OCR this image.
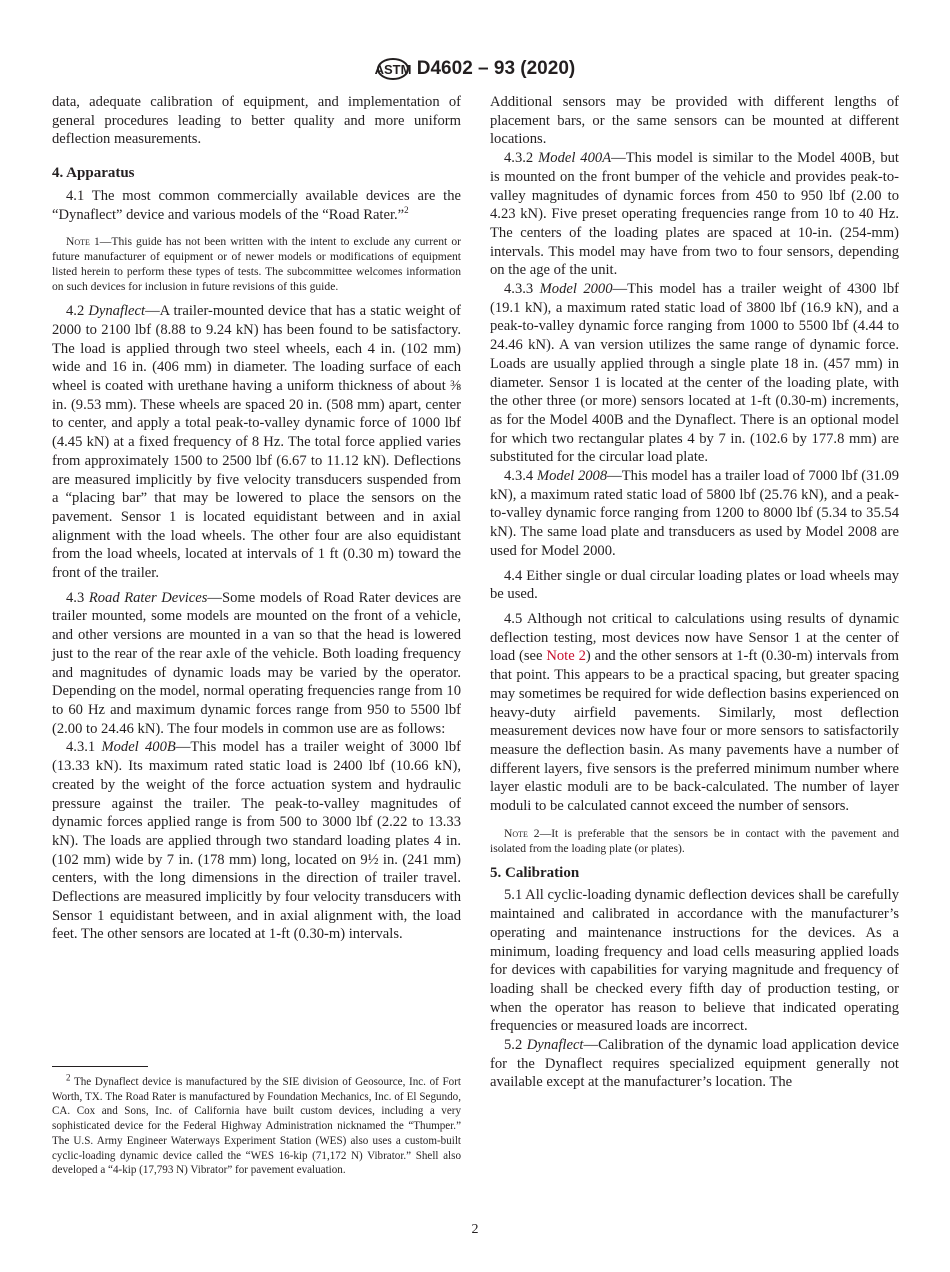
ASTM D4602 – 93 (2020)

data, adequate calibration of equipment, and implementation of general procedures leading to better quality and more uniform deflection measurements.

4. Apparatus

4.1 The most common commercially available devices are the “Dynaflect” device and various models of the “Road Rater.”$^2$

Note 1—This guide has not been written with the intent to exclude any current or future manufacturer of equipment or of newer models or modifications of equipment listed herein to perform these types of tests. The subcommittee welcomes information on such devices for inclusion in future revisions of this guide.

4.2 Dynaflect—A trailer-mounted device that has a static weight of 2000 to 2100 lbf (8.88 to 9.24 kN) has been found to be satisfactory. The load is applied through two steel wheels, each 4 in. (102 mm) wide and 16 in. (406 mm) in diameter. The loading surface of each wheel is coated with urethane having a uniform thickness of about ⅜ in. (9.53 mm). These wheels are spaced 20 in. (508 mm) apart, center to center, and apply a total peak-to-valley dynamic force of 1000 lbf (4.45 kN) at a fixed frequency of 8 Hz. The total force applied varies from approximately 1500 to 2500 lbf (6.67 to 11.12 kN). Deflections are measured implicitly by five velocity transducers suspended from a “placing bar” that may be lowered to place the sensors on the pavement. Sensor 1 is located equidistant between and in axial alignment with the load wheels. The other four are also equidistant from the load wheels, located at intervals of 1 ft (0.30 m) toward the front of the trailer.

4.3 Road Rater Devices—Some models of Road Rater devices are trailer mounted, some models are mounted on the front of a vehicle, and other versions are mounted in a van so that the head is lowered just to the rear of the rear axle of the vehicle. Both loading frequency and magnitudes of dynamic loads may be varied by the operator. Depending on the model, normal operating frequencies range from 10 to 60 Hz and maximum dynamic forces range from 950 to 5500 lbf (2.00 to 24.46 kN). The four models in common use are as follows:

4.3.1 Model 400B—This model has a trailer weight of 3000 lbf (13.33 kN). Its maximum rated static load is 2400 lbf (10.66 kN), created by the weight of the force actuation system and hydraulic pressure against the trailer. The peak-to-valley magnitudes of dynamic forces applied range is from 500 to 3000 lbf (2.22 to 13.33 kN). The loads are applied through two standard loading plates 4 in. (102 mm) wide by 7 in. (178 mm) long, located on 9½ in. (241 mm) centers, with the long dimensions in the direction of trailer travel. Deflections are measured implicitly by four velocity transducers with Sensor 1 equidistant between, and in axial alignment with, the load feet. The other sensors are located at 1-ft (0.30-m) intervals.

$^2$ The Dynaflect device is manufactured by the SIE division of Geosource, Inc. of Fort Worth, TX. The Road Rater is manufactured by Foundation Mechanics, Inc. of El Segundo, CA. Cox and Sons, Inc. of California have built custom devices, including a very sophisticated device for the Federal Highway Administration nicknamed the “Thumper.” The U.S. Army Engineer Waterways Experiment Station (WES) also uses a custom-built cyclic-loading dynamic device called the “WES 16-kip (71,172 N) Vibrator.” Shell also developed a “4-kip (17,793 N) Vibrator” for pavement evaluation.

Additional sensors may be provided with different lengths of placement bars, or the same sensors can be mounted at different locations.

4.3.2 Model 400A—This model is similar to the Model 400B, but is mounted on the front bumper of the vehicle and provides peak-to-valley magnitudes of dynamic forces from 450 to 950 lbf (2.00 to 4.23 kN). Five preset operating frequencies range from 10 to 40 Hz. The centers of the loading plates are spaced at 10-in. (254-mm) intervals. This model may have from two to four sensors, depending on the age of the unit.

4.3.3 Model 2000—This model has a trailer weight of 4300 lbf (19.1 kN), a maximum rated static load of 3800 lbf (16.9 kN), and a peak-to-valley dynamic force ranging from 1000 to 5500 lbf (4.44 to 24.46 kN). A van version utilizes the same range of dynamic force. Loads are usually applied through a single plate 18 in. (457 mm) in diameter. Sensor 1 is located at the center of the loading plate, with the other three (or more) sensors located at 1-ft (0.30-m) increments, as for the Model 400B and the Dynaflect. There is an optional model for which two rectangular plates 4 by 7 in. (102.6 by 177.8 mm) are substituted for the circular load plate.

4.3.4 Model 2008—This model has a trailer load of 7000 lbf (31.09 kN), a maximum rated static load of 5800 lbf (25.76 kN), and a peak-to-valley dynamic force ranging from 1200 to 8000 lbf (5.34 to 35.54 kN). The same load plate and transducers as used by Model 2008 are used for Model 2000.

4.4 Either single or dual circular loading plates or load wheels may be used.

4.5 Although not critical to calculations using results of dynamic deflection testing, most devices now have Sensor 1 at the center of load (see Note 2) and the other sensors at 1-ft (0.30-m) intervals from that point. This appears to be a practical spacing, but greater spacing may sometimes be required for wide deflection basins experienced on heavy-duty airfield pavements. Similarly, most deflection measurement devices now have four or more sensors to satisfactorily measure the deflection basin. As many pavements have a number of different layers, five sensors is the preferred minimum number where layer elastic moduli are to be back-calculated. The number of layer moduli to be calculated cannot exceed the number of sensors.

Note 2—It is preferable that the sensors be in contact with the pavement and isolated from the loading plate (or plates).

5. Calibration

5.1 All cyclic-loading dynamic deflection devices shall be carefully maintained and calibrated in accordance with the manufacturer’s operating and maintenance instructions for the devices. As a minimum, loading frequency and load cells measuring applied loads for devices with capabilities for varying magnitude and frequency of loading shall be checked every fifth day of production testing, or when the operator has reason to believe that indicated operating frequencies or measured loads are incorrect.

5.2 Dynaflect—Calibration of the dynamic load application device for the Dynaflect requires specialized equipment generally not available except at the manufacturer’s location. The

2
